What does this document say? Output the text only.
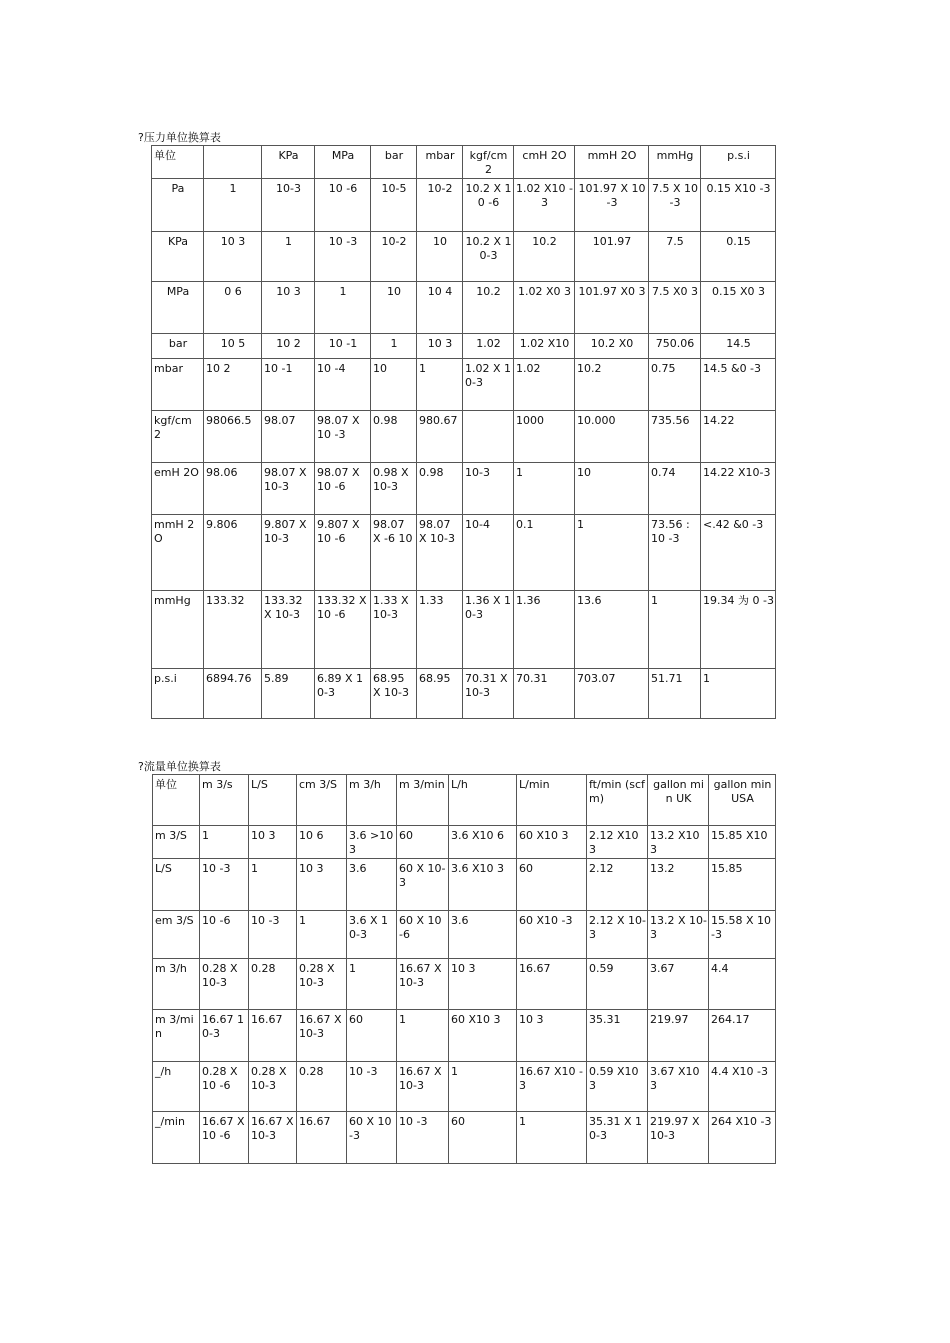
?压力单位换算表
单位		KPa	MPa	bar	mbar	kgf/cm 2	cmH 2O	mmH 2O	mmHg	p.s.i
Pa	1	10-3	10 -6	10-5	10-2	10.2 X 10 -6	1.02 X10 -3	101.97 X 10-3	7.5 X 10-3	0.15 X10 -3
KPa	10 3	1	10 -3	10-2	10	10.2 X 10-3	10.2	101.97	7.5	0.15
MPa	0 6	10 3	1	10	10 4	10.2	1.02 X0 3	101.97 X0 3	7.5 X0 3	0.15 X0 3
bar	10 5	10 2	10 -1	1	10 3	1.02	1.02 X10	10.2 X0	750.06	14.5
mbar	10 2	10 -1	10 -4	10	1	1.02 X 10-3	1.02	10.2	0.75	14.5 &0 -3
kgf/cm 2	98066.5	98.07	98.07 X 10 -3	0.98	980.67		1000	10.000	735.56	14.22
emH 2O	98.06	98.07 X 10-3	98.07 X 10 -6	0.98 X 10-3	0.98	10-3	1	10	0.74	14.22 X10-3
mmH 2O	9.806	9.807 X 10-3	9.807 X 10 -6	98.07 X -6 10	98.07 X 10-3	10-4	0.1	1	73.56 : 10 -3	<.42 &0 -3
mmHg	133.32	133.32 X 10-3	133.32 X 10 -6	1.33 X 10-3	1.33	1.36 X 10-3	1.36	13.6	1	19.34 为 0 -3
p.s.i	6894.76	5.89	6.89 X 10-3	68.95 X 10-3	68.95	70.31 X 10-3	70.31	703.07	51.71	1
?流量单位换算表
单位	m 3/s	L/S	cm 3/S	m 3/h	m 3/min	L/h	L/min	ft/min (scfm)	gallon min UK	gallon min USA
m 3/S	1	10 3	10 6	3.6 >10 3	60	3.6 X10 6	60 X10 3	2.12 X10 3	13.2 X10 3	15.85 X10
L/S	10 -3	1	10 3	3.6	60 X 10-3	3.6 X10 3	60	2.12	13.2	15.85
em 3/S	10 -6	10 -3	1	3.6 X 10-3	60 X 10 -6	3.6	60 X10 -3	2.12 X 10-3	13.2 X 10-3	15.58 X 10-3
m 3/h	0.28 X 10-3	0.28	0.28 X 10-3	1	16.67 X 10-3	10 3	16.67	0.59	3.67	4.4
m 3/min	16.67 10-3	16.67	16.67 X 10-3	60	1	60 X10 3	10 3	35.31	219.97	264.17
_/h	0.28 X 10 -6	0.28 X 10-3	0.28	10 -3	16.67 X 10-3	1	16.67 X10 -3	0.59 X10 3	3.67 X10 3	4.4 X10 -3
_/min	16.67 X 10 -6	16.67 X 10-3	16.67	60 X 10-3	10 -3	60	1	35.31 X 10-3	219.97 X 10-3	264 X10 -3
